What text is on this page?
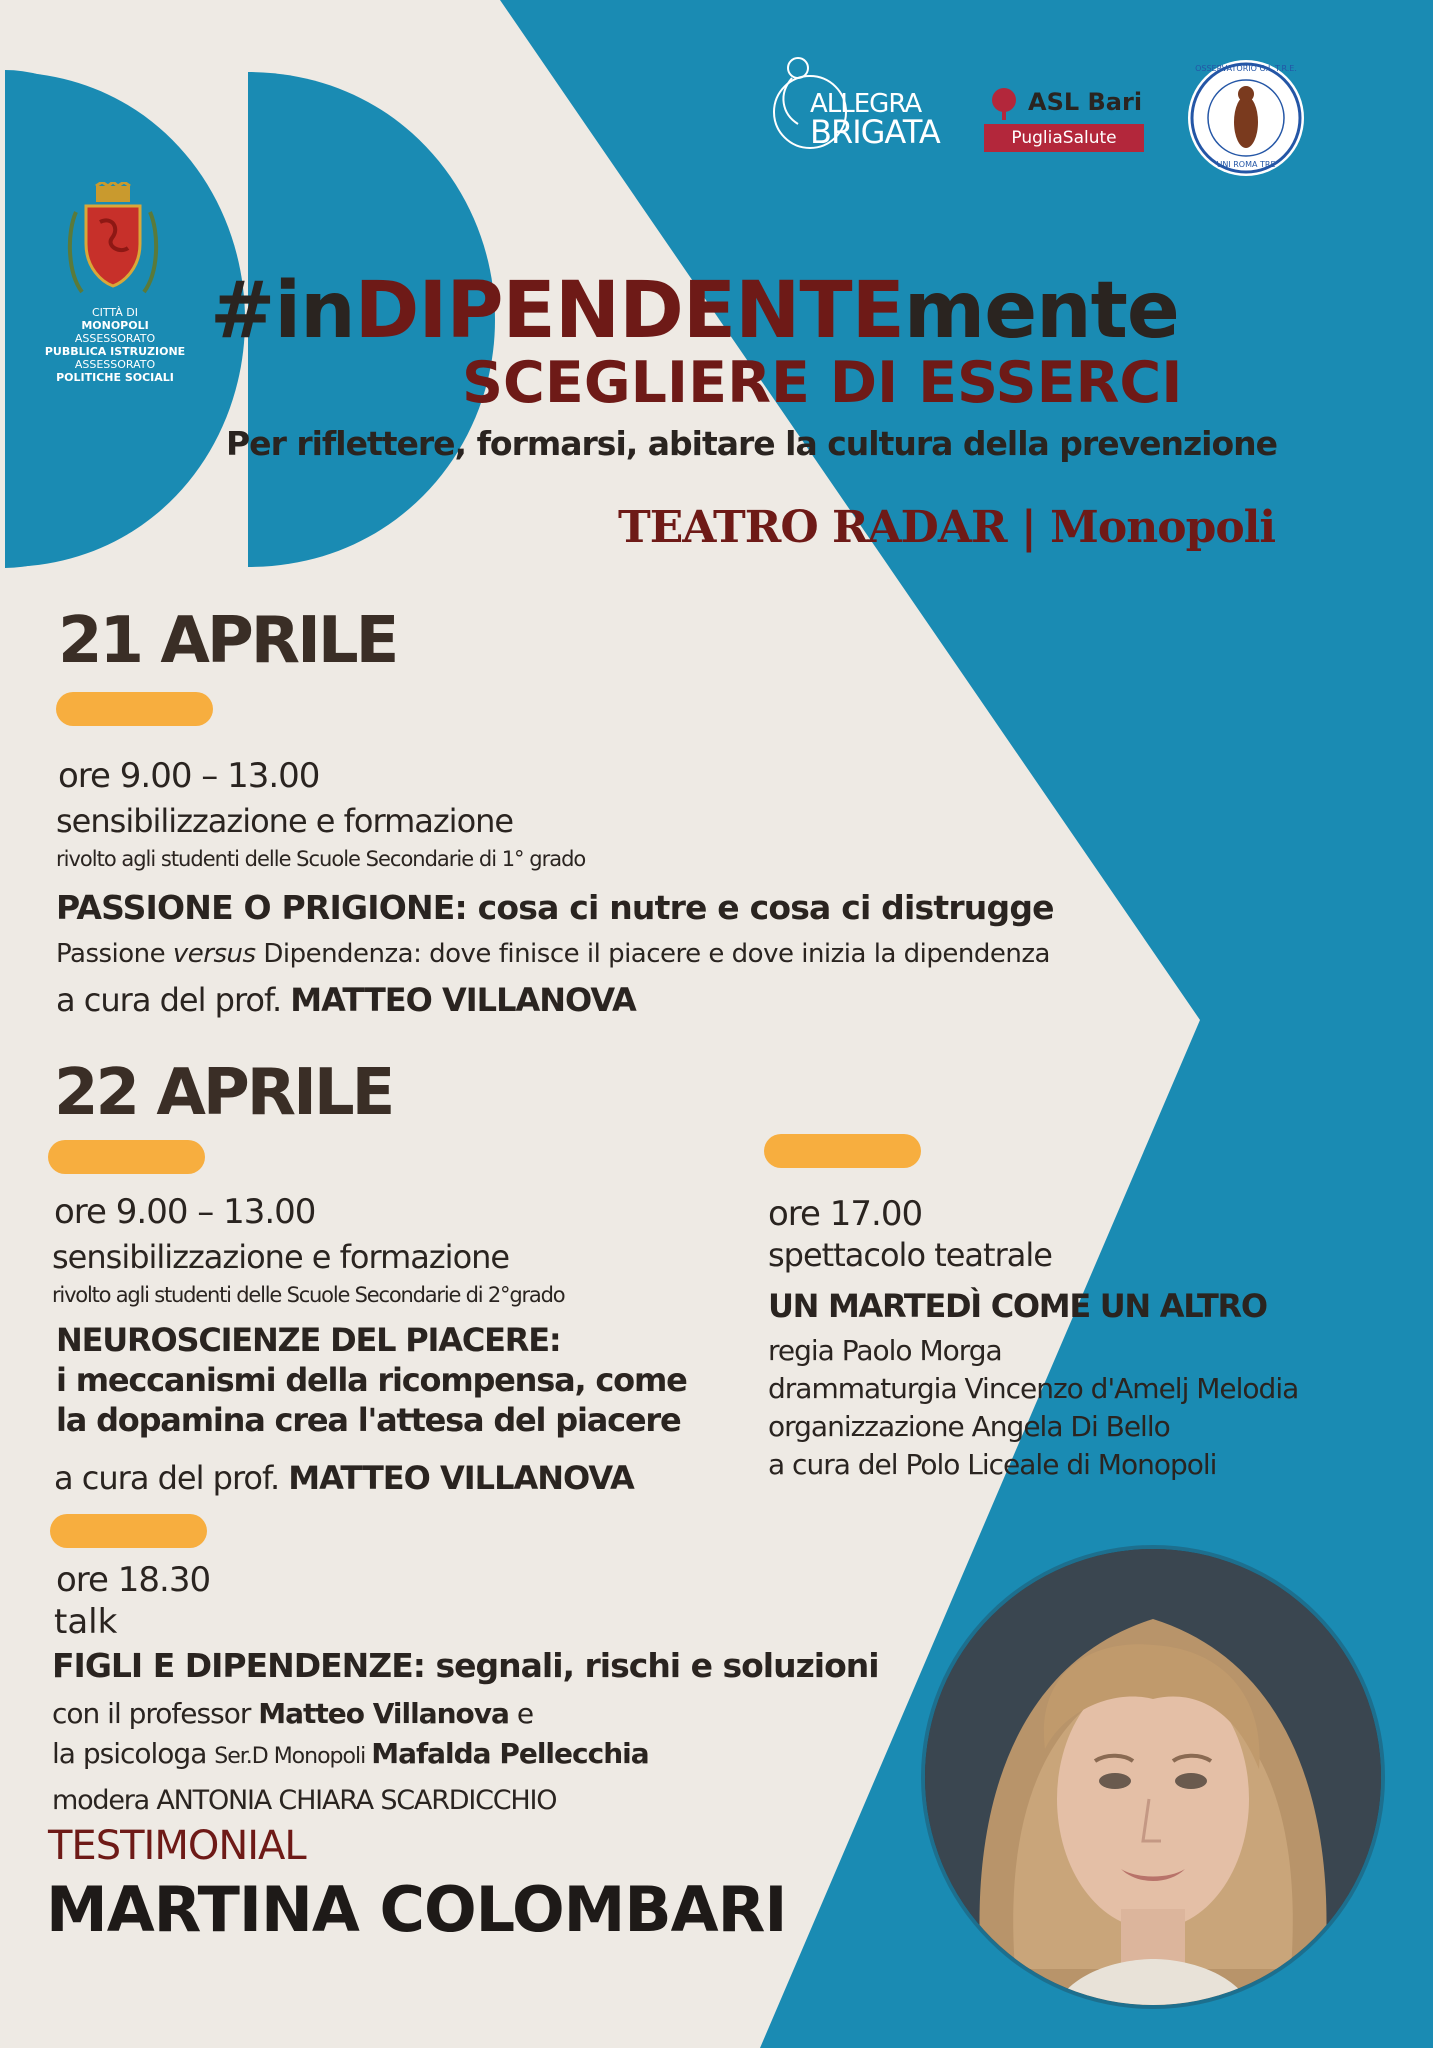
CITTÀ DI
MONOPOLI
ASSESSORATO
PUBBLICA ISTRUZIONE
ASSESSORATO
POLITICHE SOCIALI
ALLEGRA
BRIGATA
ASL Bari
PugliaSalute
OSSERVATORIO O.L.T.R.E.
UNI ROMA TRE
#inDIPENDENTEmente
SCEGLIERE DI ESSERCI
Per riflettere, formarsi, abitare la cultura della prevenzione
TEATRO RADAR | Monopoli
21 APRILE
ore 9.00 – 13.00
sensibilizzazione e formazione
rivolto agli studenti delle Scuole Secondarie di 1° grado
PASSIONE O PRIGIONE: cosa ci nutre e cosa ci distrugge
Passione versus Dipendenza: dove finisce il piacere e dove inizia la dipendenza
a cura del prof. MATTEO VILLANOVA
22 APRILE
ore 9.00 – 13.00
sensibilizzazione e formazione
rivolto agli studenti delle Scuole Secondarie di 2°grado
NEUROSCIENZE DEL PIACERE:
i meccanismi della ricompensa, come
la dopamina crea l'attesa del piacere
a cura del prof. MATTEO VILLANOVA
ore 17.00
spettacolo teatrale
UN MARTEDÌ COME UN ALTRO
regia Paolo Morga
drammaturgia Vincenzo d'Amelj Melodia
organizzazione Angela Di Bello
a cura del Polo Liceale di Monopoli
ore 18.30
talk
FIGLI E DIPENDENZE: segnali, rischi e soluzioni
con il professor Matteo Villanova e
la psicologa Ser.D Monopoli Mafalda Pellecchia
modera ANTONIA CHIARA SCARDICCHIO
TESTIMONIAL
MARTINA COLOMBARI
